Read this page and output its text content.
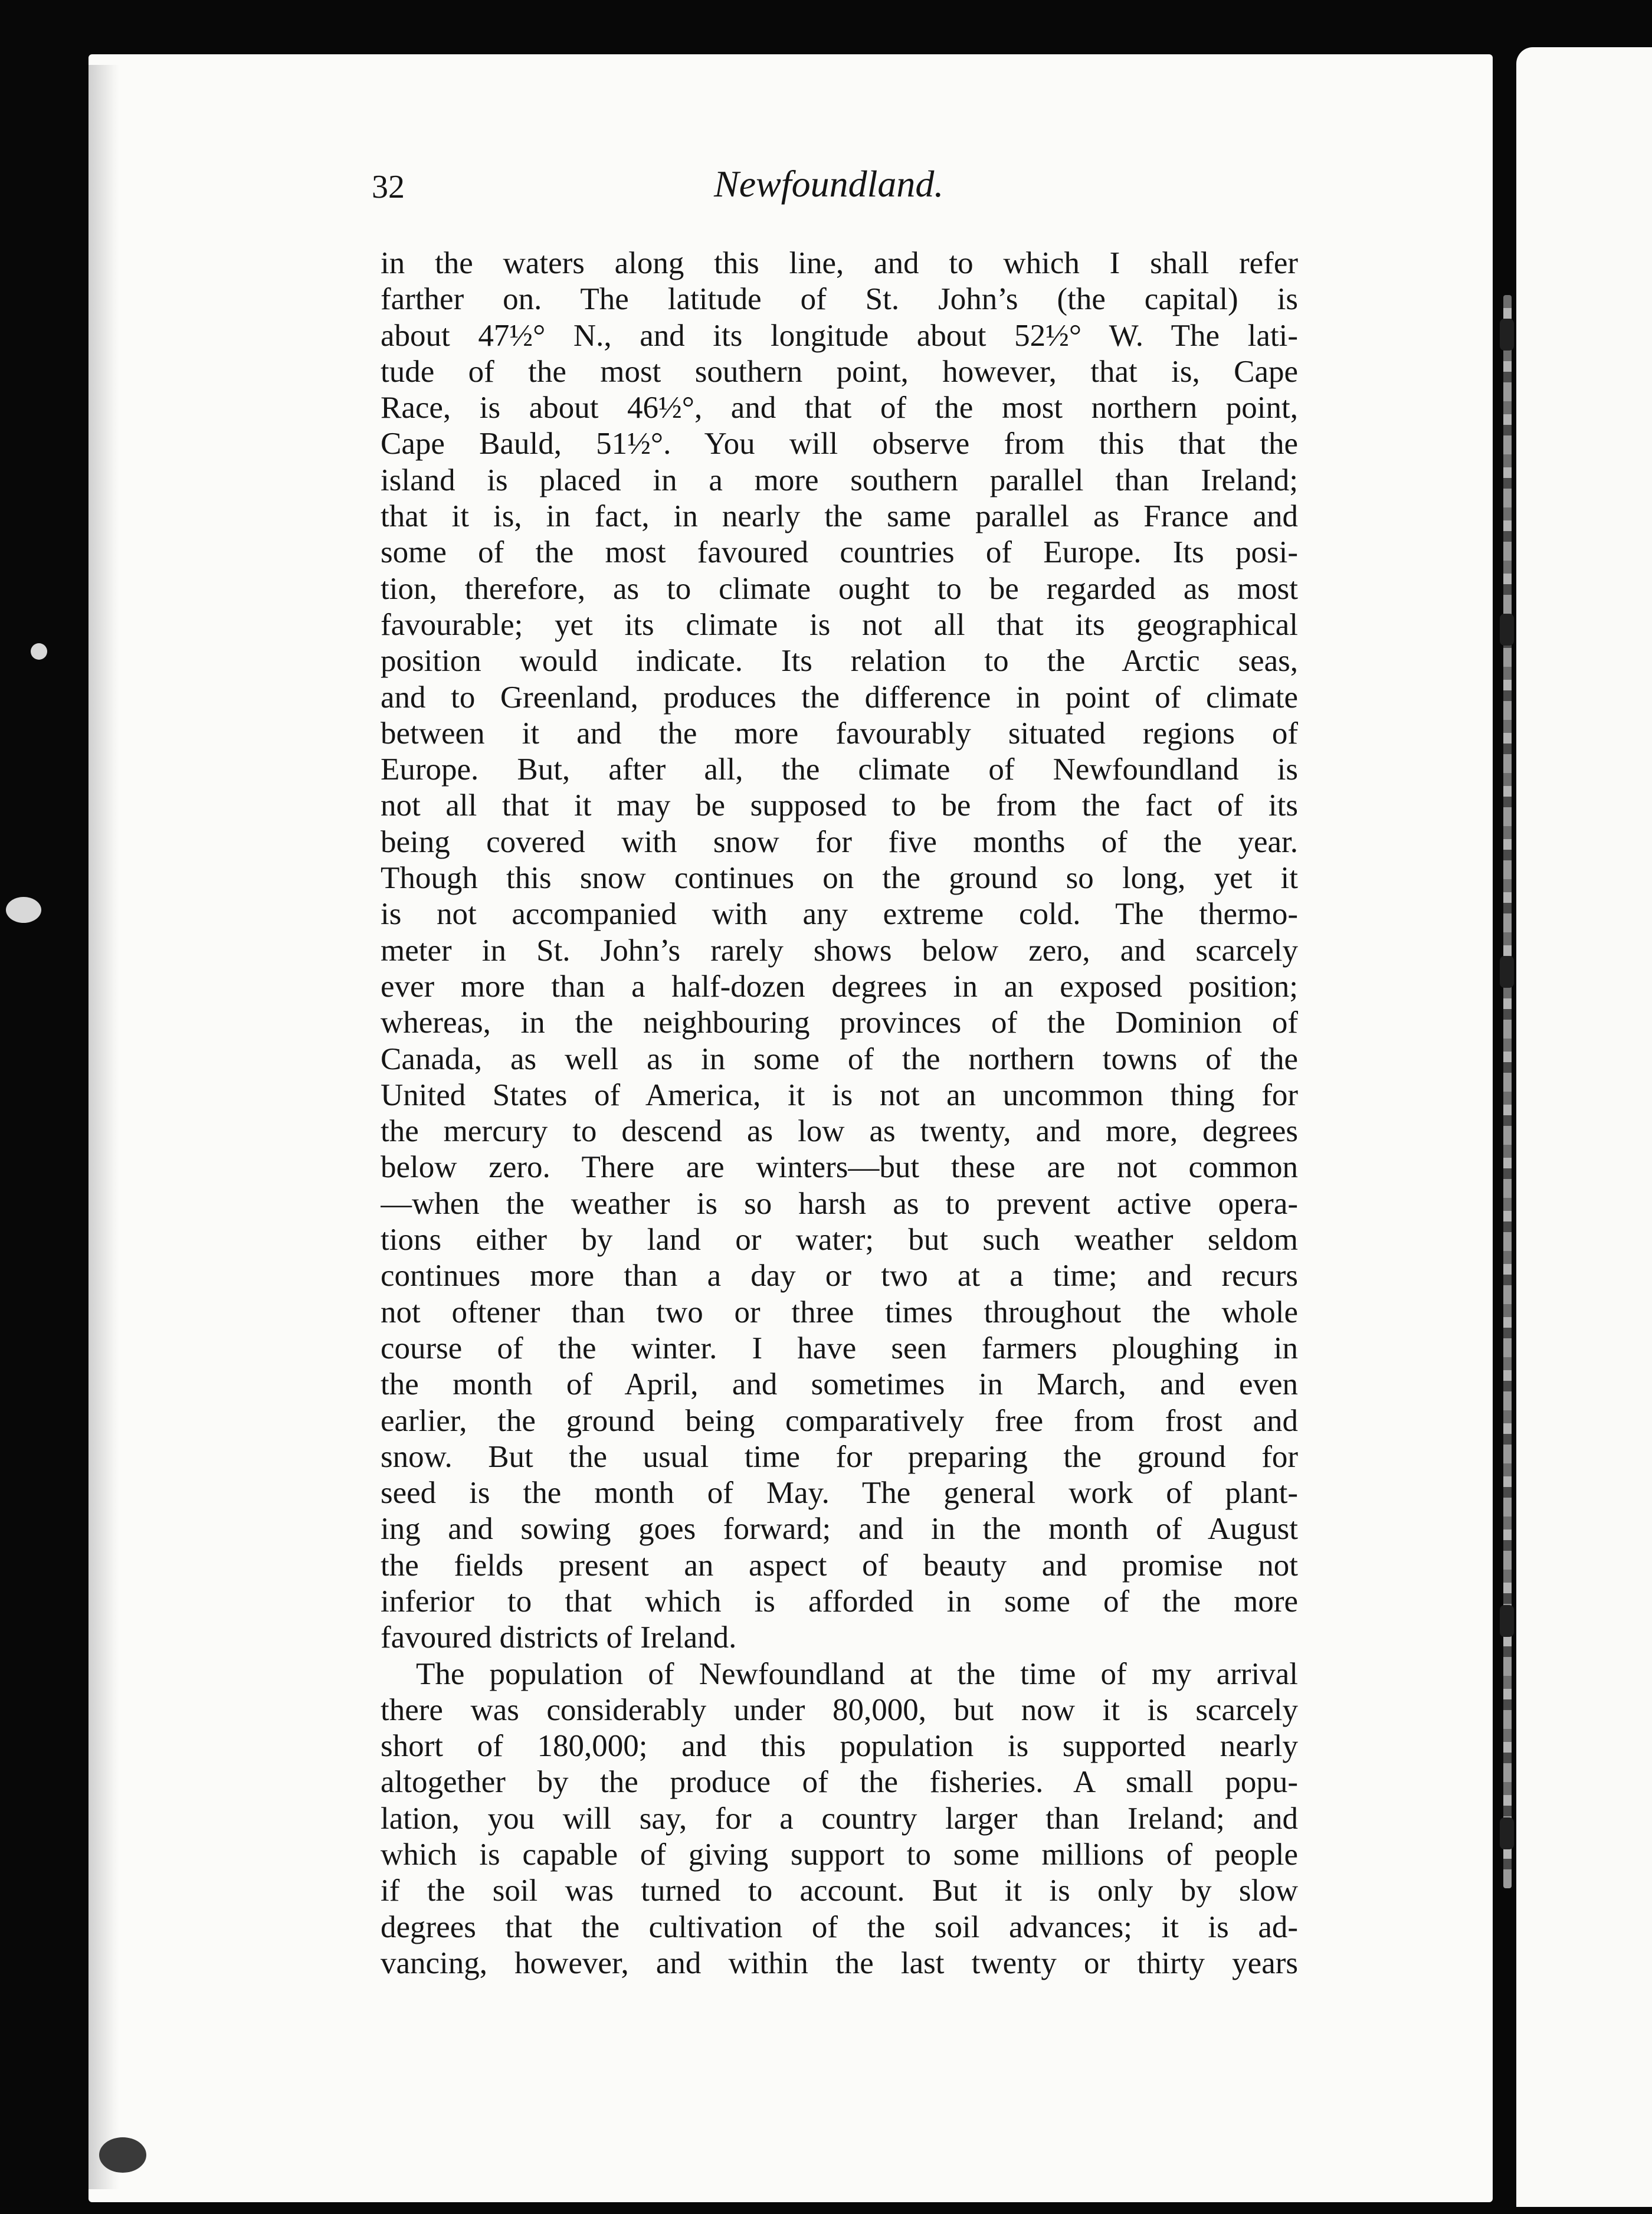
32	Newfoundland.
in the waters along this line, and to which I shall refer
farther on. The latitude of St. John’s (the capital) is
about 47½° N., and its longitude about 52½° W. The lati-
tude of the most southern point, however, that is, Cape
Race, is about 46½°, and that of the most northern point,
Cape Bauld, 51½°. You will observe from this that the
island is placed in a more southern parallel than Ireland;
that it is, in fact, in nearly the same parallel as France and
some of the most favoured countries of Europe. Its posi-
tion, therefore, as to climate ought to be regarded as most
favourable; yet its climate is not all that its geographical
position would indicate. Its relation to the Arctic seas,
and to Greenland, produces the difference in point of climate
between it and the more favourably situated regions of
Europe. But, after all, the climate of Newfoundland is
not all that it may be supposed to be from the fact of its
being covered with snow for five months of the year.
Though this snow continues on the ground so long, yet it
is not accompanied with any extreme cold. The thermo-
meter in St. John’s rarely shows below zero, and scarcely
ever more than a half-dozen degrees in an exposed position;
whereas, in the neighbouring provinces of the Dominion of
Canada, as well as in some of the northern towns of the
United States of America, it is not an uncommon thing for
the mercury to descend as low as twenty, and more, degrees
below zero. There are winters—but these are not common
—when the weather is so harsh as to prevent active opera-
tions either by land or water; but such weather seldom
continues more than a day or two at a time; and recurs
not oftener than two or three times throughout the whole
course of the winter. I have seen farmers ploughing in
the month of April, and sometimes in March, and even
earlier, the ground being comparatively free from frost and
snow. But the usual time for preparing the ground for
seed is the month of May. The general work of plant-
ing and sowing goes forward; and in the month of August
the fields present an aspect of beauty and promise not
inferior to that which is afforded in some of the more
favoured districts of Ireland.
The population of Newfoundland at the time of my arrival
there was considerably under 80,000, but now it is scarcely
short of 180,000; and this population is supported nearly
altogether by the produce of the fisheries. A small popu-
lation, you will say, for a country larger than Ireland; and
which is capable of giving support to some millions of people
if the soil was turned to account. But it is only by slow
degrees that the cultivation of the soil advances; it is ad-
vancing, however, and within the last twenty or thirty years
